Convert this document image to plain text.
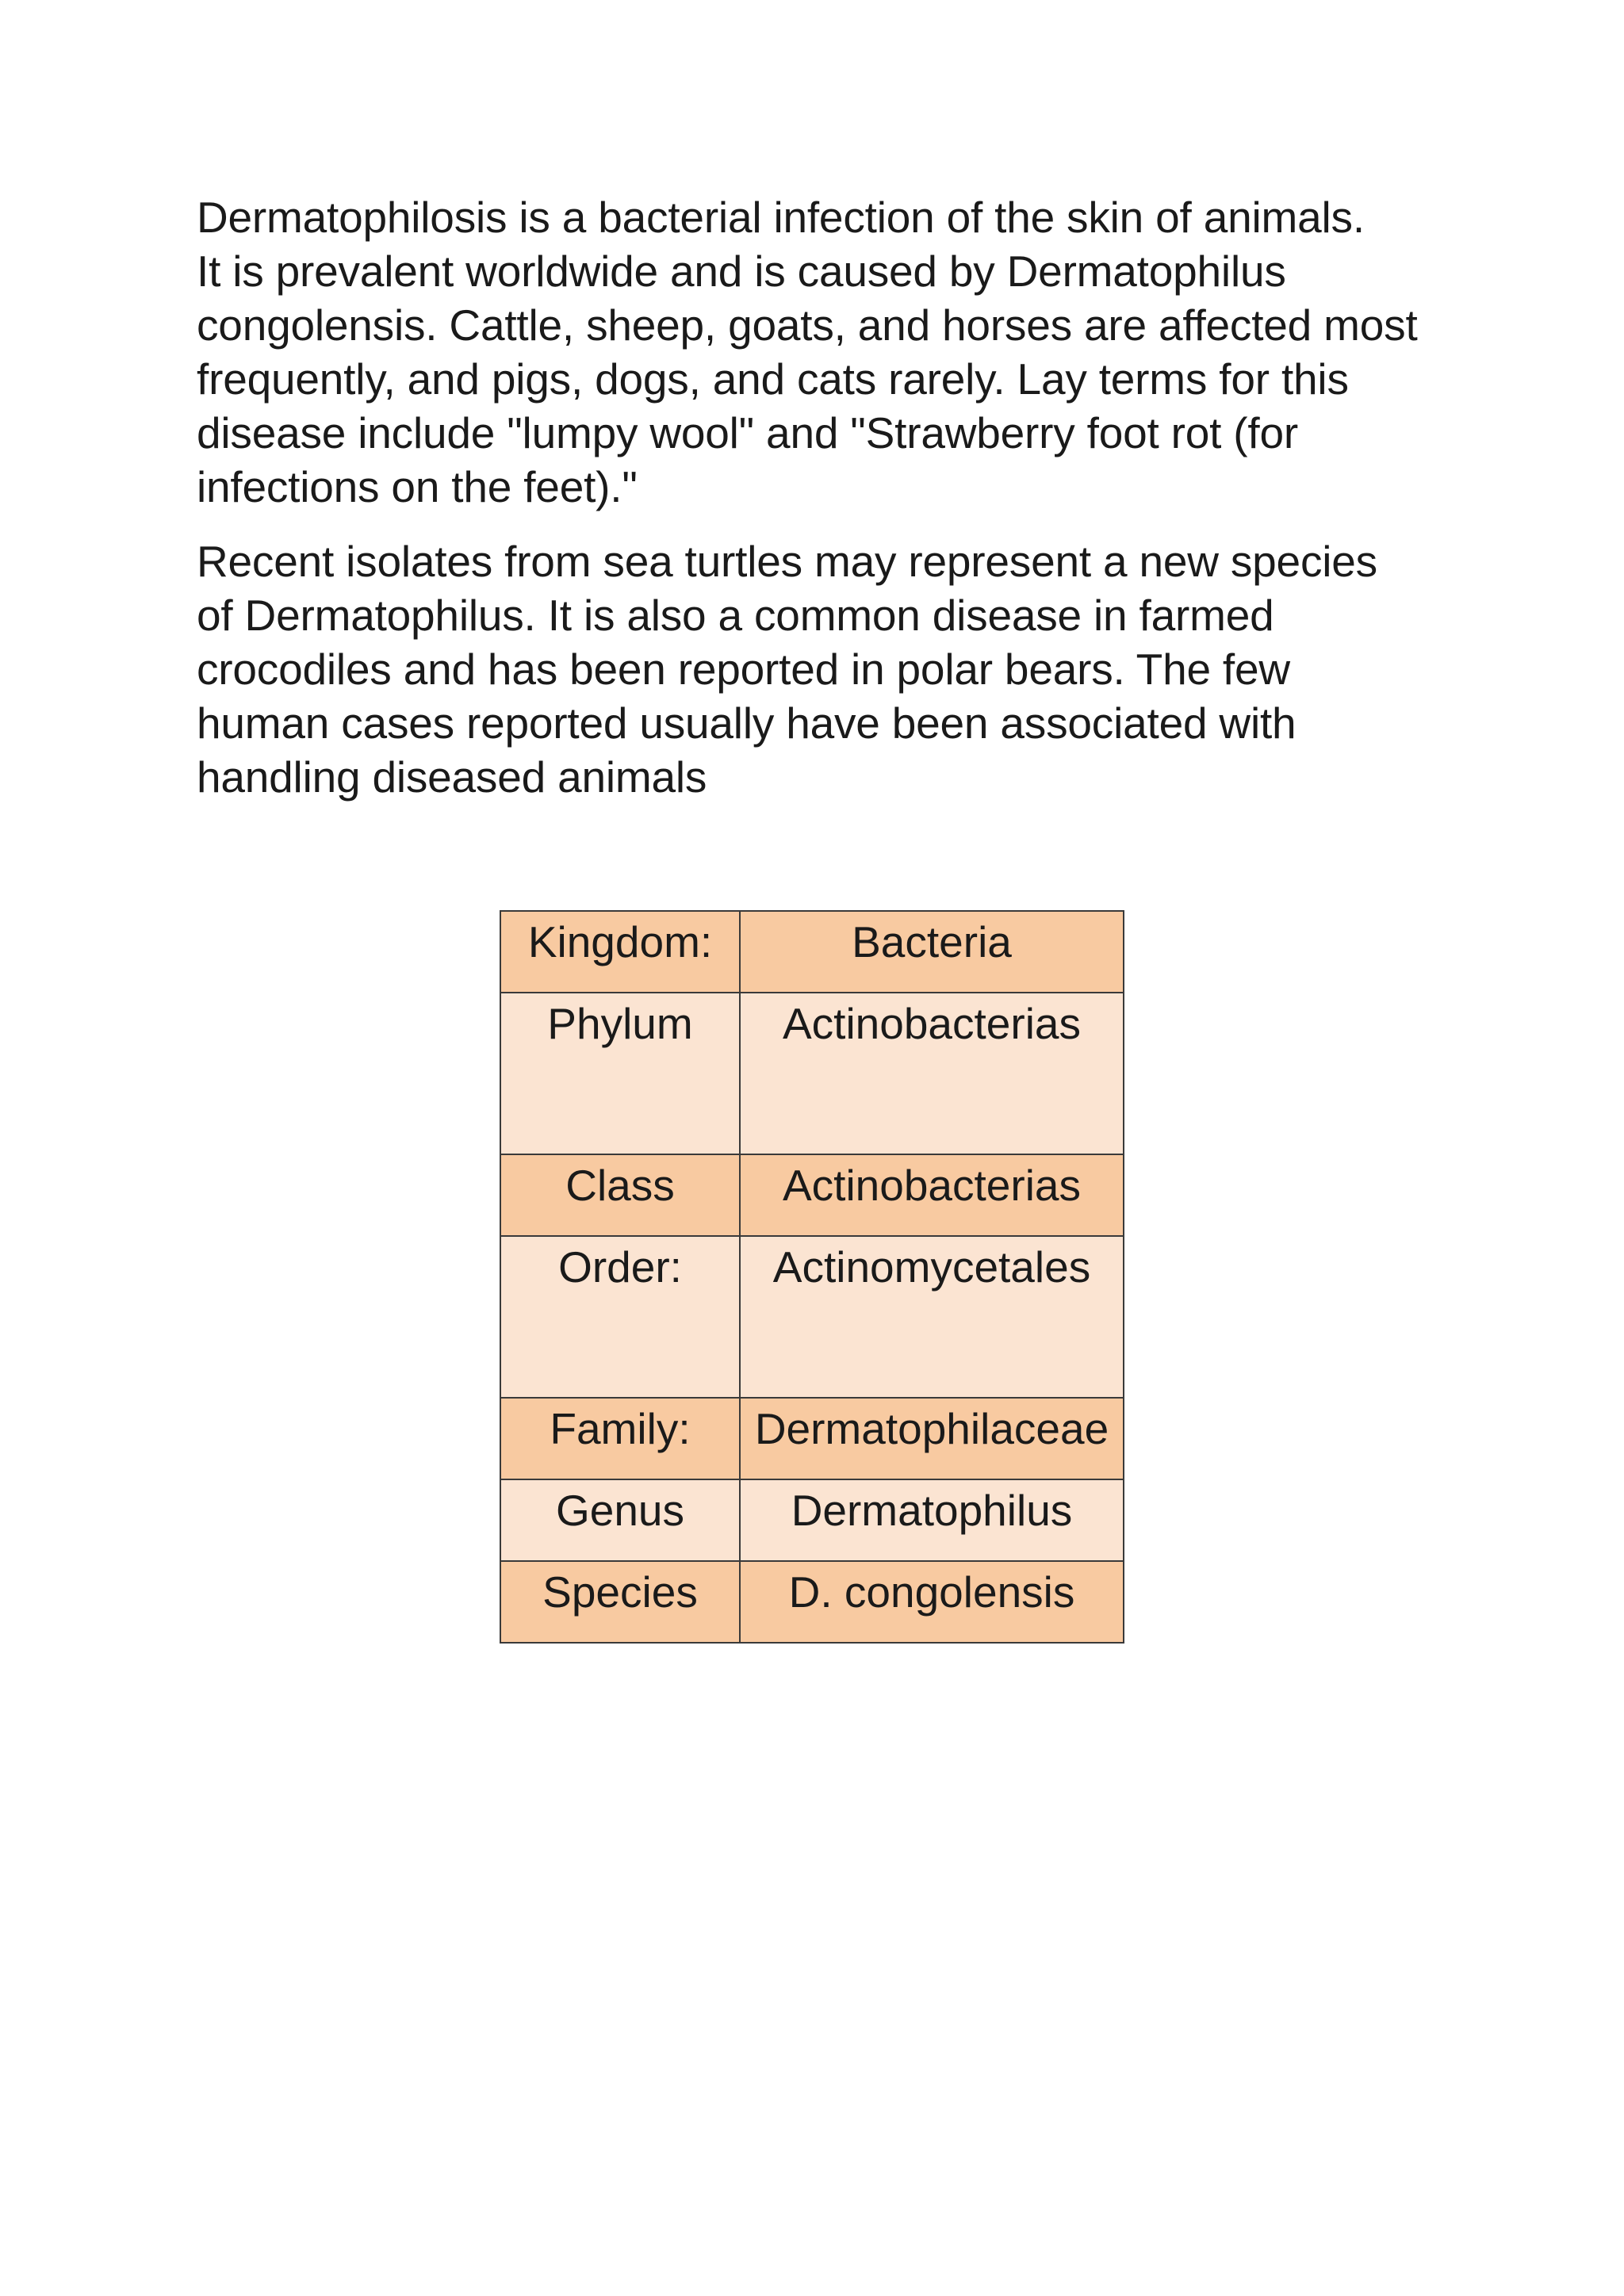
Dermatophilosis is a bacterial infection of the skin of animals.
It is prevalent worldwide and is caused by Dermatophilus
congolensis. Cattle, sheep, goats, and horses are affected most
frequently, and pigs, dogs, and cats rarely. Lay terms for this
disease include "lumpy wool" and "Strawberry foot rot (for
infections on the feet)."

Recent isolates from sea turtles may represent a new species
of Dermatophilus. It is also a common disease in farmed
crocodiles and has been reported in polar bears. The few
human cases reported usually have been associated with
handling diseased animals

Kingdom:	Bacteria

Phylum	Actinobacterias

Class	Actinobacterias

Order:	Actinomycetales

Family:	Dermatophilaceae

Genus	Dermatophilus

Species	D. congolensis
